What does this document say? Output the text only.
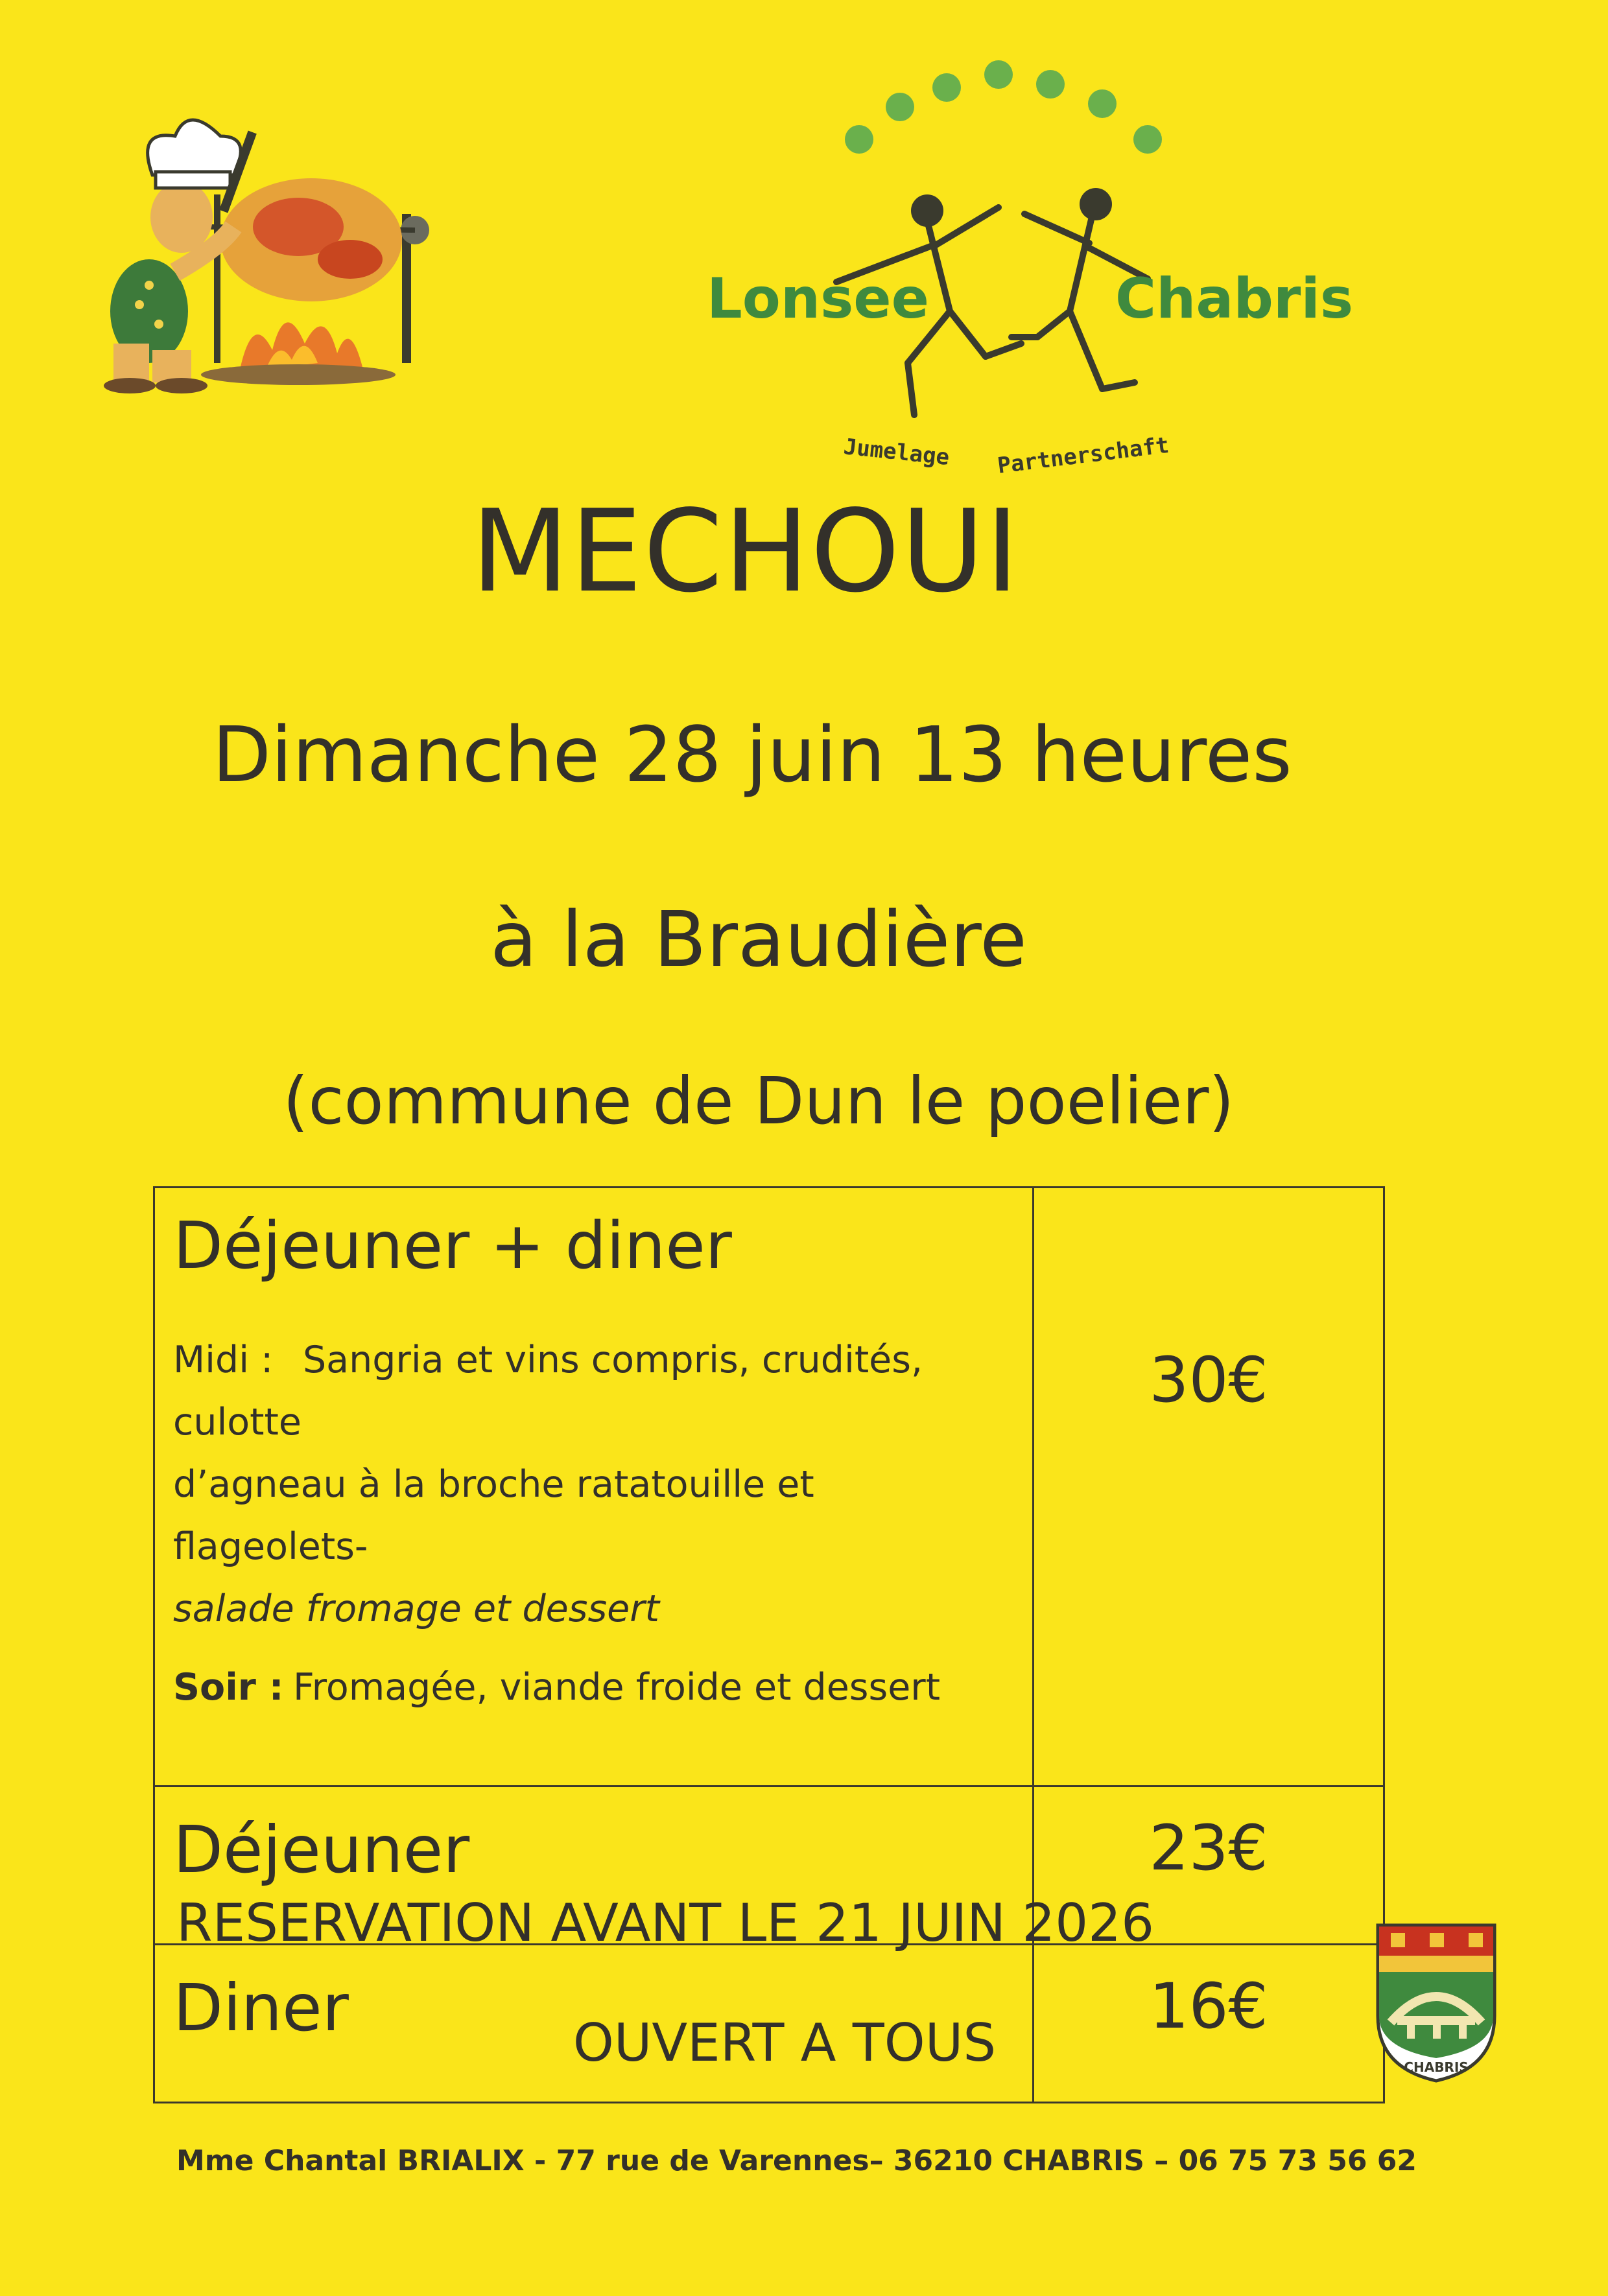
Lonsee	Chabris
Jumelage Partnerschaft
MECHOUI
Dimanche 28 juin 13 heures
à la Braudière
(commune de Dun le poelier)

Déjeuner + diner

Midi : Sangria et vins compris, crudités, culotte

d’agneau à la broche ratatouille et flageolets-

salade fromage et dessert

Soir : Fromagée, viande froide et dessert	30€
Déjeuner	23€
Diner	16€
RESERVATION AVANT LE 21 JUIN 2026
OUVERT A TOUS
Mme Chantal BRIALIX - 77 rue de Varennes– 36210 CHABRIS – 06 75 73 56 62
CHABRIS
